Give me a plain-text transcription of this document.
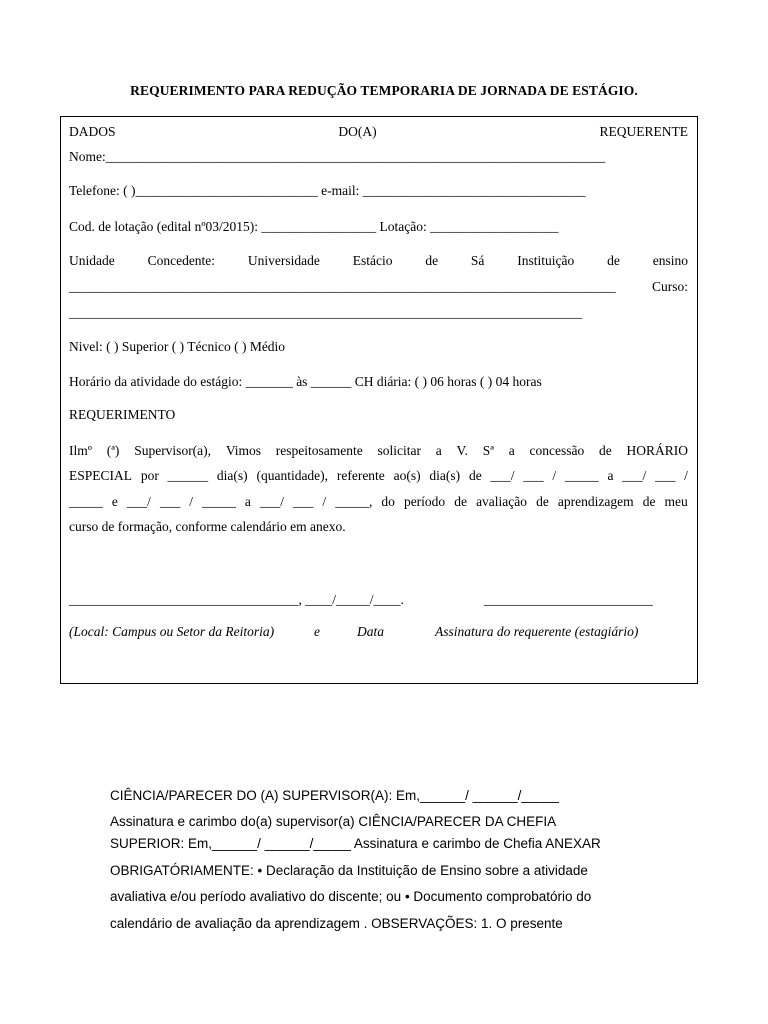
REQUERIMENTO PARA REDUÇÃO TEMPORARIA DE JORNADA DE ESTÁGIO.
DADOS	DO(A)	REQUERENTE
Nome:__________________________________________________________________________
Telefone: ( )___________________________ e-mail: _________________________________
Cod. de lotação (edital nº03/2015): _________________ Lotação: ___________________
Unidade Concedente: Universidade Estácio de Sá Instituição de ensino
_________________________________________________________________________________	Curso:
____________________________________________________________________________
Nivel: ( ) Superior ( ) Técnico ( ) Médio
Horário da atividade do estágio: _______ às ______ CH diária: ( ) 06 horas ( ) 04 horas
REQUERIMENTO
Ilmº (ª) Supervisor(a), Vimos respeitosamente solicitar a V. Sª a concessão de HORÁRIO
ESPECIAL por ______ dia(s) (quantidade), referente ao(s) dia(s) de ___/ ___ / _____ a ___/ ___ /
_____ e ___/ ___ / _____ a ___/ ___ / _____, do período de avaliação de aprendizagem de meu
curso de formação, conforme calendário em anexo.
__________________________________, ____/_____/____.	_________________________
(Local: Campus ou Setor da Reitoria)	e	Data	Assinatura do requerente (estagiário)
CIÊNCIA/PARECER DO (A) SUPERVISOR(A): Em,______/ ______/_____
Assinatura e carimbo do(a) supervisor(a) CIÊNCIA/PARECER DA CHEFIA
SUPERIOR: Em,______/ ______/_____ Assinatura e carimbo de Chefia ANEXAR
OBRIGATÓRIAMENTE: • Declaração da Instituição de Ensino sobre a atividade
avaliativa e/ou período avaliativo do discente; ou • Documento comprobatório do
calendário de avaliação da aprendizagem . OBSERVAÇÕES: 1. O presente
